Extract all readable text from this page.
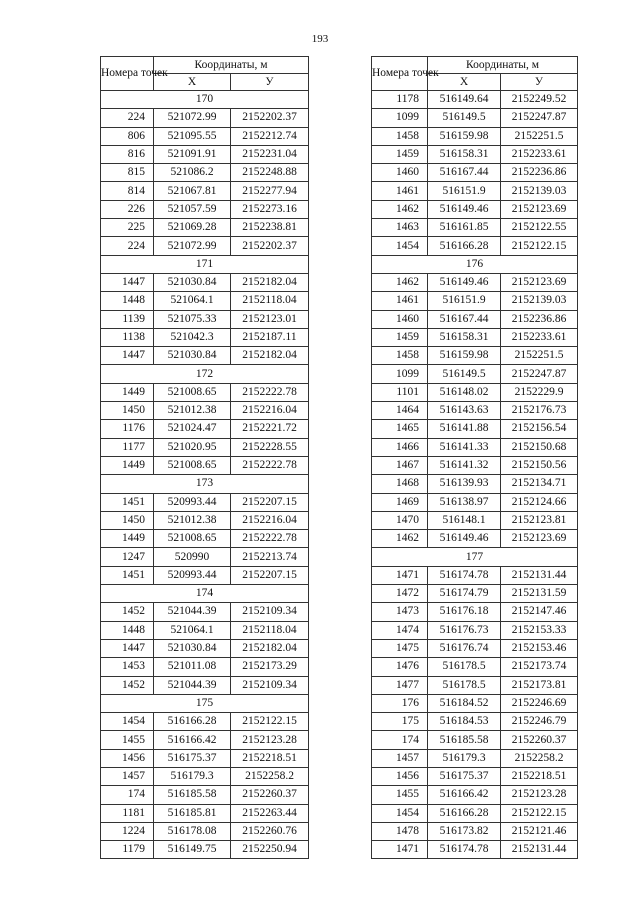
193
Номера точек	Координаты, м	
	X	У
170		
224	521072.99	2152202.37
806	521095.55	2152212.74
816	521091.91	2152231.04
815	521086.2	2152248.88
814	521067.81	2152277.94
226	521057.59	2152273.16
225	521069.28	2152238.81
224	521072.99	2152202.37
171		
1447	521030.84	2152182.04
1448	521064.1	2152118.04
1139	521075.33	2152123.01
1138	521042.3	2152187.11
1447	521030.84	2152182.04
172		
1449	521008.65	2152222.78
1450	521012.38	2152216.04
1176	521024.47	2152221.72
1177	521020.95	2152228.55
1449	521008.65	2152222.78
173		
1451	520993.44	2152207.15
1450	521012.38	2152216.04
1449	521008.65	2152222.78
1247	520990	2152213.74
1451	520993.44	2152207.15
174		
1452	521044.39	2152109.34
1448	521064.1	2152118.04
1447	521030.84	2152182.04
1453	521011.08	2152173.29
1452	521044.39	2152109.34
175		
1454	516166.28	2152122.15
1455	516166.42	2152123.28
1456	516175.37	2152218.51
1457	516179.3	2152258.2
174	516185.58	2152260.37
1181	516185.81	2152263.44
1224	516178.08	2152260.76
1179	516149.75	2152250.94
Номера точек	Координаты, м	
	X	У
1178	516149.64	2152249.52
1099	516149.5	2152247.87
1458	516159.98	2152251.5
1459	516158.31	2152233.61
1460	516167.44	2152236.86
1461	516151.9	2152139.03
1462	516149.46	2152123.69
1463	516161.85	2152122.55
1454	516166.28	2152122.15
176		
1462	516149.46	2152123.69
1461	516151.9	2152139.03
1460	516167.44	2152236.86
1459	516158.31	2152233.61
1458	516159.98	2152251.5
1099	516149.5	2152247.87
1101	516148.02	2152229.9
1464	516143.63	2152176.73
1465	516141.88	2152156.54
1466	516141.33	2152150.68
1467	516141.32	2152150.56
1468	516139.93	2152134.71
1469	516138.97	2152124.66
1470	516148.1	2152123.81
1462	516149.46	2152123.69
177		
1471	516174.78	2152131.44
1472	516174.79	2152131.59
1473	516176.18	2152147.46
1474	516176.73	2152153.33
1475	516176.74	2152153.46
1476	516178.5	2152173.74
1477	516178.5	2152173.81
176	516184.52	2152246.69
175	516184.53	2152246.79
174	516185.58	2152260.37
1457	516179.3	2152258.2
1456	516175.37	2152218.51
1455	516166.42	2152123.28
1454	516166.28	2152122.15
1478	516173.82	2152121.46
1471	516174.78	2152131.44
